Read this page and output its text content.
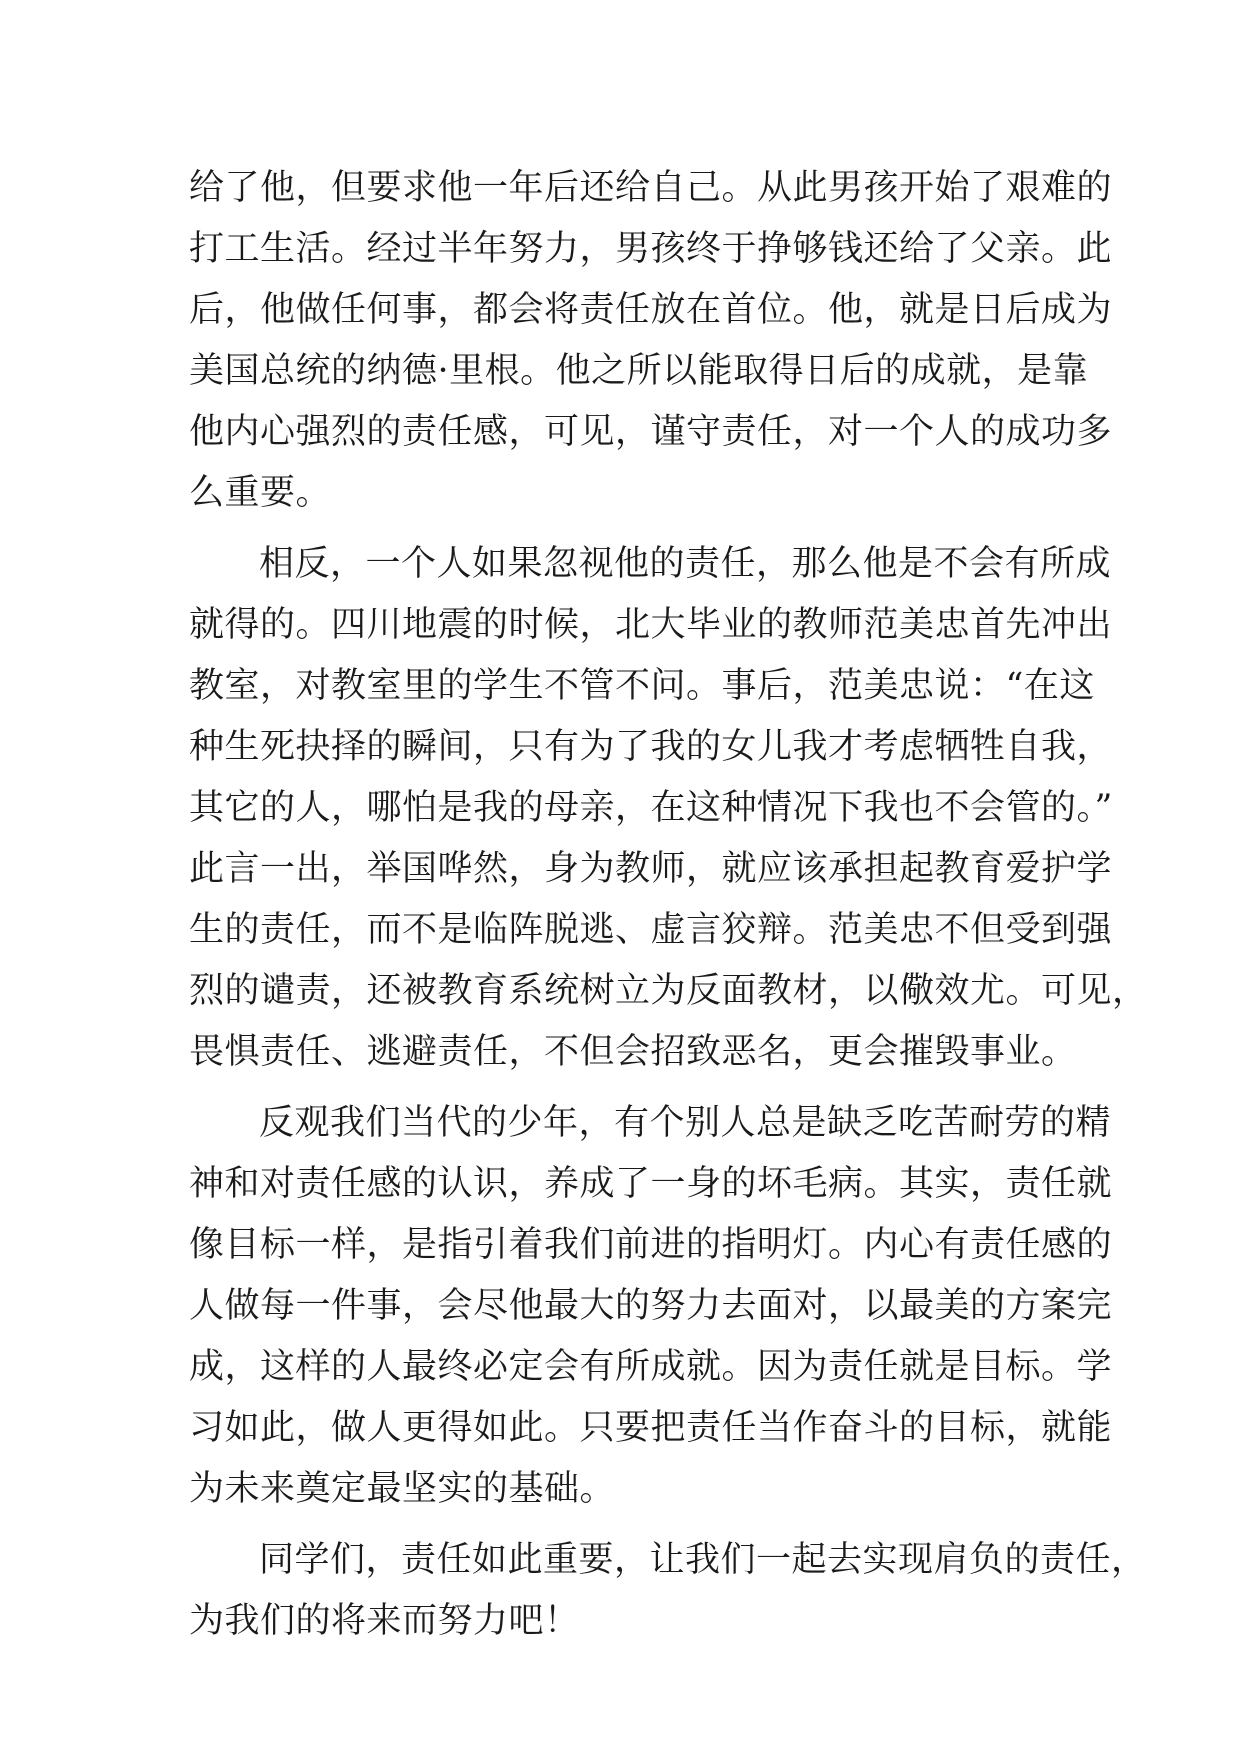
给了他，但要求他一年后还给自己。从此男孩开始了艰难的
打工生活。经过半年努力，男孩终于挣够钱还给了父亲。此
后，他做任何事，都会将责任放在首位。他，就是日后成为
美国总统的纳德·里根。他之所以能取得日后的成就，是靠
他内心强烈的责任感，可见，谨守责任，对一个人的成功多
么重要。

相反，一个人如果忽视他的责任，那么他是不会有所成
就得的。四川地震的时候，北大毕业的教师范美忠首先冲出
教室，对教室里的学生不管不问。事后，范美忠说：“在这
种生死抉择的瞬间，只有为了我的女儿我才考虑牺牲自我，
其它的人，哪怕是我的母亲，在这种情况下我也不会管的。”
此言一出，举国哗然，身为教师，就应该承担起教育爱护学
生的责任，而不是临阵脱逃、虚言狡辩。范美忠不但受到强
烈的谴责，还被教育系统树立为反面教材，以儆效尤。可见，
畏惧责任、逃避责任，不但会招致恶名，更会摧毁事业。

反观我们当代的少年，有个别人总是缺乏吃苦耐劳的精
神和对责任感的认识，养成了一身的坏毛病。其实，责任就
像目标一样，是指引着我们前进的指明灯。内心有责任感的
人做每一件事，会尽他最大的努力去面对，以最美的方案完
成，这样的人最终必定会有所成就。因为责任就是目标。学
习如此，做人更得如此。只要把责任当作奋斗的目标，就能
为未来奠定最坚实的基础。

同学们，责任如此重要，让我们一起去实现肩负的责任，
为我们的将来而努力吧！
